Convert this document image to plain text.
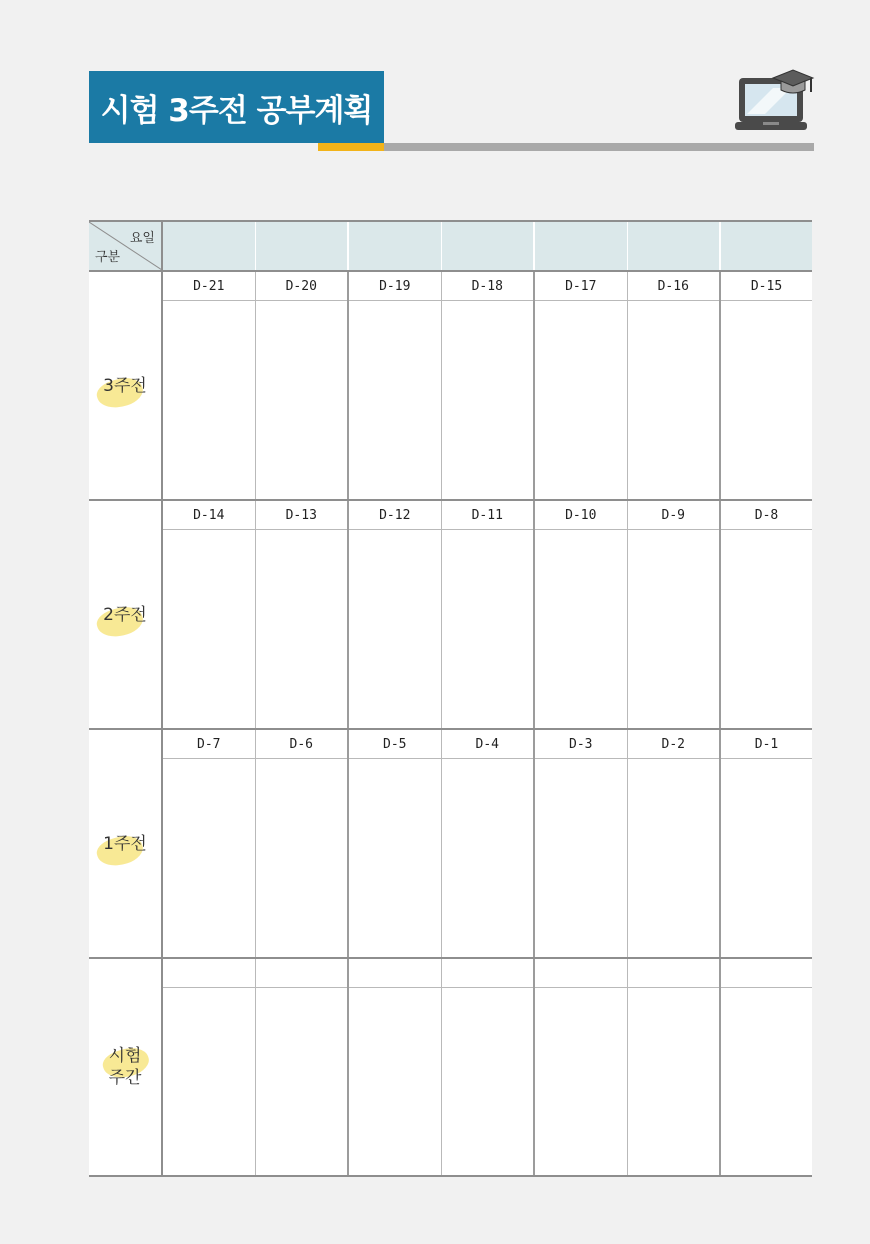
시험 3주전 공부계획
요일
구분							

3주전	D-21	D-20	D-19	D-18	D-17	D-16	D-15

2주전	D-14	D-13	D-12	D-11	D-10	D-9	D-8

1주전	D-7	D-6	D-5	D-4	D-3	D-2	D-1

시험
주간							
